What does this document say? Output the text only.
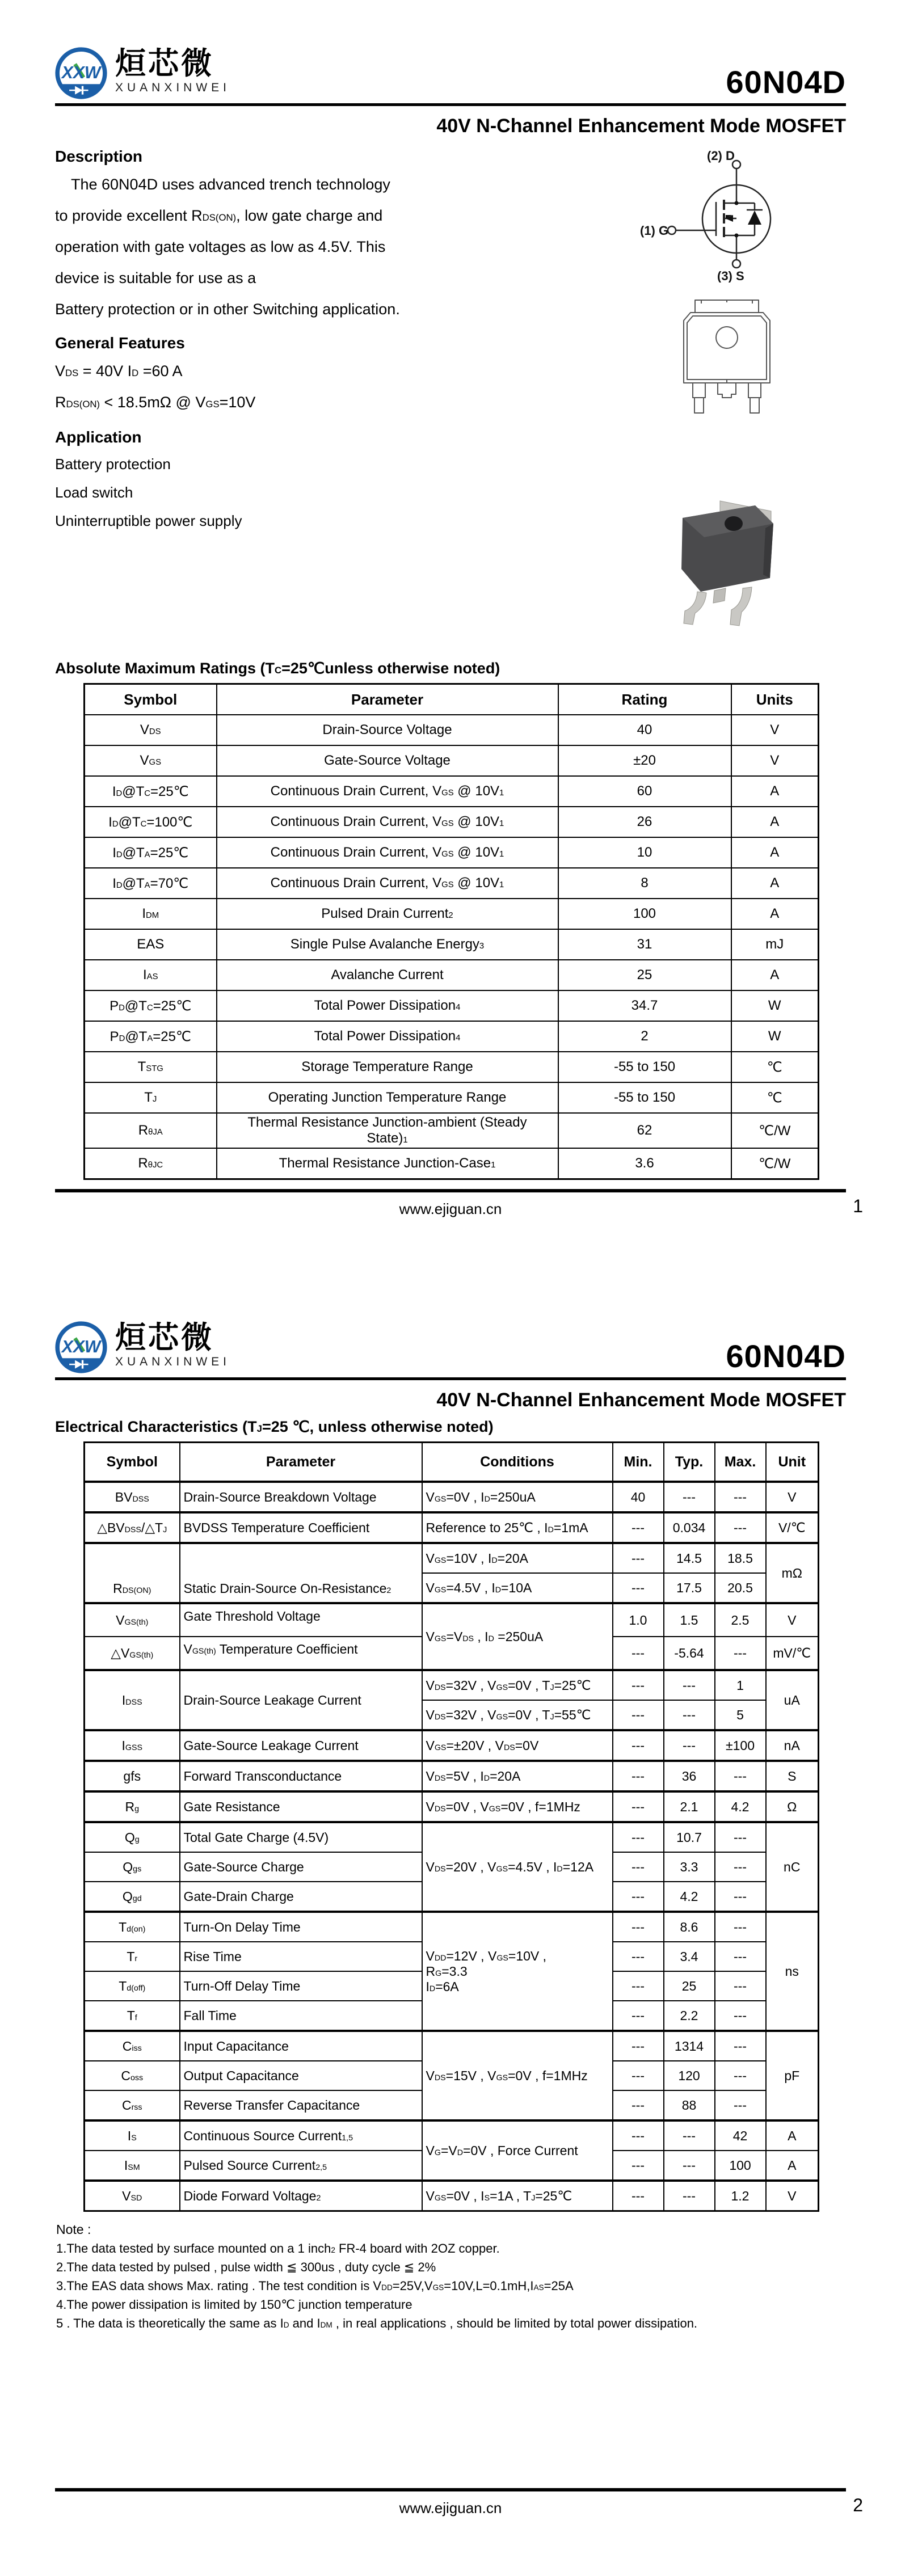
XXW 烜芯微
XUANXINWEI	60N04D
40V N-Channel Enhancement Mode MOSFET
Description
The 60N04D uses advanced trench technology
to provide excellent $R_{DS(ON)}$, low gate charge and
operation with gate voltages as low as 4.5V. This
device is suitable for use as a
Battery protection or in other Switching application.
General Features
$V_{DS} = 40V$ $I_D =60$ A
$R_{DS(ON)} < 18.5m\Omega$ @ $V_{GS}=10V$
Application
Battery protection
Load switch
Uninterruptible power supply
(2) D
(1) G
(3) S
Absolute Maximum Ratings ($T_C=25℃unless$ otherwise noted)
Symbol	Parameter	Rating	Units
$V_{DS}$	Drain-Source Voltage	40	V
$V_{GS}$	Gate-Source Voltage	±20	V
$I_D@T_C=25℃$	Continuous Drain Current, $V_{GS}$ @ $10V^1$	60	A
$I_D@T_C=100℃$	Continuous Drain Current, $V_{GS}$ @ $10V^1$	26	A
$I_D@T_A=25℃$	Continuous Drain Current, $V_{GS}$ @ $10V^1$	10	A
$I_D@T_A=70℃$	Continuous Drain Current, $V_{GS}$ @ $10V^1$	8	A
$I_{DM}$	Pulsed Drain Current$^2$	100	A
EAS	Single Pulse Avalanche Energy$^3$	31	mJ
$I_{AS}$	Avalanche Current	25	A
$P_D@T_C=25℃$	Total Power Dissipation$^4$	34.7	W
$P_D@T_A=25℃$	Total Power Dissipation$^4$	2	W
$T_{STG}$	Storage Temperature Range	-55 to 150	℃
$T_J$	Operating Junction Temperature Range	-55 to 150	℃
$R_{\theta JA}$	Thermal Resistance Junction-ambient (Steady
State)$^1$	62	℃/W
$R_{\theta JC}$	Thermal Resistance Junction-Case$^1$	3.6	℃/W
www.ejiguan.cn	1
XXW 烜芯微
XUANXINWEI	60N04D
40V N-Channel Enhancement Mode MOSFET
Electrical Characteristics ($T_J=25$ ℃, unless otherwise noted)
Symbol	Parameter	Conditions	Min.	Typ.	Max.	Unit
$BV_{DSS}$	Drain-Source Breakdown Voltage	$V_{GS}=0V$ , $I_D=250uA$	40	---	---	V
$\triangle BV_{DSS}/\triangle T_J$	BVDSS Temperature Coefficient	Reference to 25℃ , $I_D=1mA$	---	0.034	---	V/℃
$R_{DS(ON)}$	Static Drain-Source On-Resistance$^2$	$V_{GS}=10V$ , $I_D=20A$	---	14.5	18.5	mΩ
		$V_{GS}=4.5V$ , $I_D=10A$	---	17.5	20.5	
$V_{GS(th)}$	Gate Threshold Voltage	$V_{GS}=V_{DS}$ , $I_D =250uA$	1.0	1.5	2.5	V
$\triangle V_{GS(th)}$	$V_{GS(th)}$ Temperature Coefficient		---	-5.64	---	mV/℃
$I_{DSS}$	Drain-Source Leakage Current	$V_{DS}=32V$ , $V_{GS}=0V$ , $T_J=25℃$	---	---	1	uA
		$V_{DS}=32V$ , $V_{GS}=0V$ , $T_J=55℃$	---	---	5	
$I_{GSS}$	Gate-Source Leakage Current	$V_{GS}=\pm 20V$ , $V_{DS}=0V$	---	---	±100	nA
gfs	Forward Transconductance	$V_{DS}=5V$ , $I_D=20A$	---	36	---	S
$R_g$	Gate Resistance	$V_{DS}=0V$ , $V_{GS}=0V$ , f=1MHz	---	2.1	4.2	Ω
$Q_g$	Total Gate Charge (4.5V)	$V_{DS}=20V$ , $V_{GS}=4.5V$ , $I_D=12A$	---	10.7	---	nC
$Q_{gs}$	Gate-Source Charge		---	3.3	---	
$Q_{gd}$	Gate-Drain Charge		---	4.2	---	
$T_{d(on)}$	Turn-On Delay Time	$V_{DD}=12V$ , $V_{GS}=10V$ ,
$R_G=3.3$
$I_D=6A$	---	8.6	---	ns
$T_r$	Rise Time		---	3.4	---	
$T_{d(off)}$	Turn-Off Delay Time		---	25	---	
$T_f$	Fall Time		---	2.2	---	
$C_{iss}$	Input Capacitance	$V_{DS}=15V$ , $V_{GS}=0V$ , f=1MHz	---	1314	---	pF
$C_{oss}$	Output Capacitance		---	120	---	
$C_{rss}$	Reverse Transfer Capacitance		---	88	---	
$I_S$	Continuous Source Current$^{1,5}$	$V_G=V_D=0V$ , Force Current	---	---	42	A
$I_{SM}$	Pulsed Source Current$^{2,5}$		---	---	100	A
$V_{SD}$	Diode Forward Voltage$^2$	$V_{GS}=0V$ , $I_S=1A$ , $T_J=25℃$	---	---	1.2	V
Note :
1.The data tested by surface mounted on a 1 inch$^2$ FR-4 board with 2OZ copper.
2.The data tested by pulsed , pulse width ≦ 300us , duty cycle ≦ 2%
3.The EAS data shows Max. rating . The test condition is $V_{DD}=25V,V_{GS}=10V,L=0.1mH,I_{AS}=25A$
4.The power dissipation is limited by 150℃ junction temperature
5 . The data is theoretically the same as $I_D$ and $I_{DM}$ , in real applications , should be limited by total power dissipation.
www.ejiguan.cn	2
